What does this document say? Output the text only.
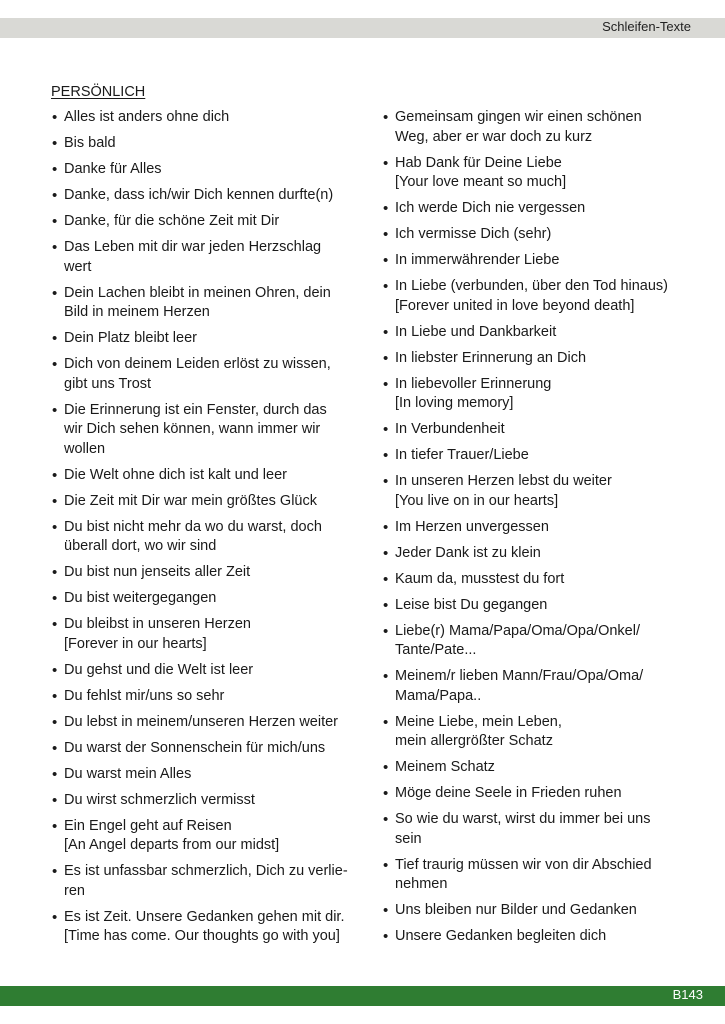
Schleifen-Texte
PERSÖNLICH
• Alles ist anders ohne dich
• Bis bald
• Danke für Alles
• Danke, dass ich/wir Dich kennen durfte(n)
• Danke, für die schöne Zeit mit Dir
• Das Leben mit dir war jeden Herzschlag
wert
• Dein Lachen bleibt in meinen Ohren, dein
Bild in meinem Herzen
• Dein Platz bleibt leer
• Dich von deinem Leiden erlöst zu wissen,
gibt uns Trost
• Die Erinnerung ist ein Fenster, durch das
wir Dich sehen können, wann immer wir
wollen
• Die Welt ohne dich ist kalt und leer
• Die Zeit mit Dir war mein größtes Glück
• Du bist nicht mehr da wo du warst, doch
überall dort, wo wir sind
• Du bist nun jenseits aller Zeit
• Du bist weitergegangen
• Du bleibst in unseren Herzen
[Forever in our hearts]
• Du gehst und die Welt ist leer
• Du fehlst mir/uns so sehr
• Du lebst in meinem/unseren Herzen weiter
• Du warst der Sonnenschein für mich/uns
• Du warst mein Alles
• Du wirst schmerzlich vermisst
• Ein Engel geht auf Reisen
[An Angel departs from our midst]
• Es ist unfassbar schmerzlich, Dich zu verlie-
ren
• Es ist Zeit. Unsere Gedanken gehen mit dir.
[Time has come. Our thoughts go with you]
• Gemeinsam gingen wir einen schönen
Weg, aber er war doch zu kurz
• Hab Dank für Deine Liebe
[Your love meant so much]
• Ich werde Dich nie vergessen
• Ich vermisse Dich (sehr)
• In immerwährender Liebe
• In Liebe (verbunden, über den Tod hinaus)
[Forever united in love beyond death]
• In Liebe und Dankbarkeit
• In liebster Erinnerung an Dich
• In liebevoller Erinnerung
[In loving memory]
• In Verbundenheit
• In tiefer Trauer/Liebe
• In unseren Herzen lebst du weiter
[You live on in our hearts]
• Im Herzen unvergessen
• Jeder Dank ist zu klein
• Kaum da, musstest du fort
• Leise bist Du gegangen
• Liebe(r) Mama/Papa/Oma/Opa/Onkel/
Tante/Pate...
• Meinem/r lieben Mann/Frau/Opa/Oma/
Mama/Papa..
• Meine Liebe, mein Leben,
mein allergrößter Schatz
• Meinem Schatz
• Möge deine Seele in Frieden ruhen
• So wie du warst, wirst du immer bei uns
sein
• Tief traurig müssen wir von dir Abschied
nehmen
• Uns bleiben nur Bilder und Gedanken
• Unsere Gedanken begleiten dich
B143
